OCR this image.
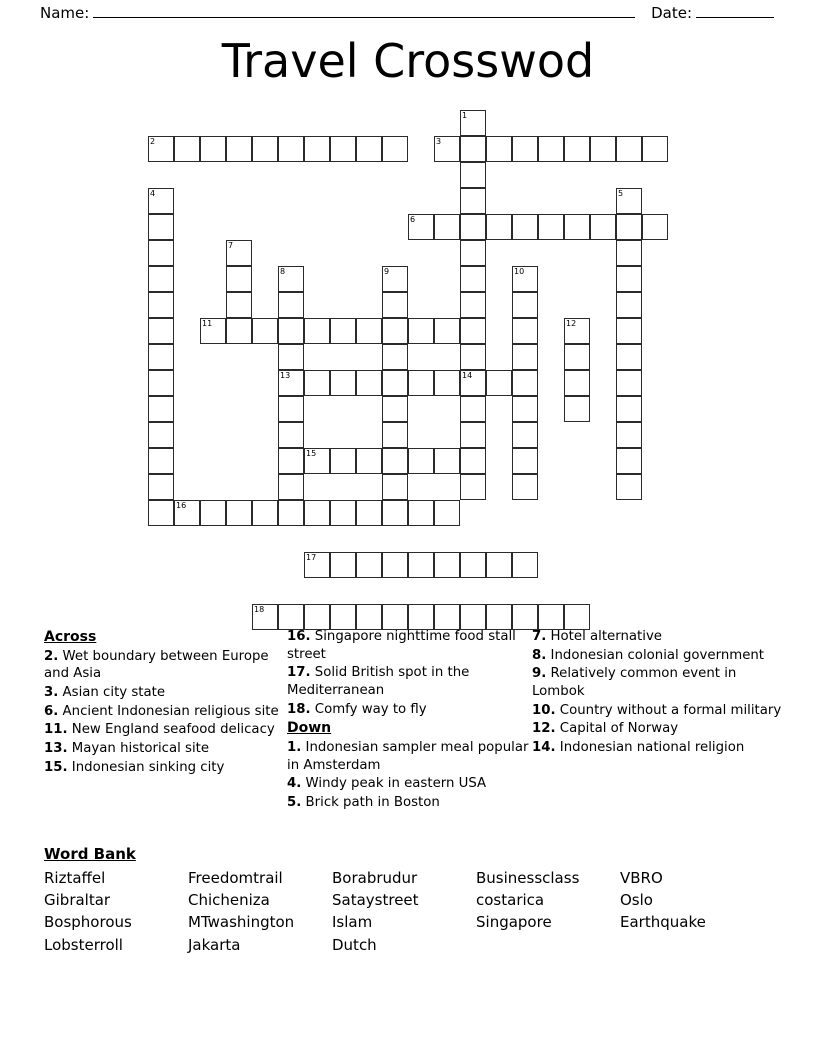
Name:	Date:
Travel Crosswod
1
2	3
4	5
6
7
8	9	10
11	12
13	14
15
16
17
18
Across
2. Wet boundary between Europe and Asia
3. Asian city state
6. Ancient Indonesian religious site
11. New England seafood delicacy
13. Mayan historical site
15. Indonesian sinking city
16. Singapore nighttime food stall street
17. Solid British spot in the Mediterranean
18. Comfy way to fly
Down
1. Indonesian sampler meal popular in Amsterdam
4. Windy peak in eastern USA
5. Brick path in Boston
7. Hotel alternative
8. Indonesian colonial government
9. Relatively common event in Lombok
10. Country without a formal military
12. Capital of Norway
14. Indonesian national religion
Word Bank
Riztaffel	Freedomtrail	Borabrudur	Businessclass	VBRO
Gibraltar	Chicheniza	Sataystreet	costarica	Oslo
Bosphorous	MTwashington	Islam	Singapore	Earthquake
Lobsterroll	Jakarta	Dutch
